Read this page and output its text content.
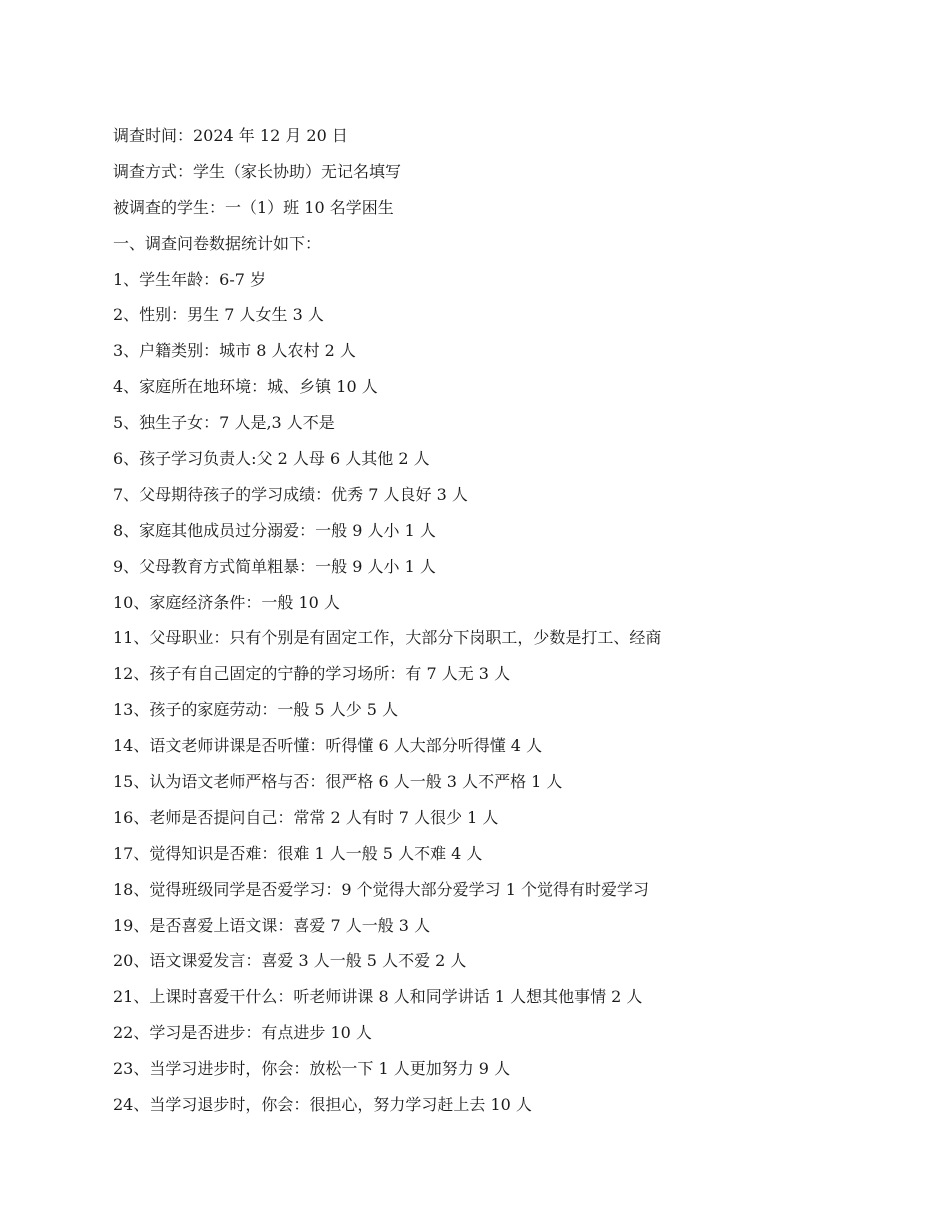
调查时间：2024 年 12 月 20 日
调查方式：学生（家长协助）无记名填写
被调查的学生：一（1）班 10 名学困生
一、调查问卷数据统计如下：
1、学生年龄：6-7 岁
2、性别：男生 7 人女生 3 人
3、户籍类别：城市 8 人农村 2 人
4、家庭所在地环境：城、乡镇 10 人
5、独生子女：7 人是,3 人不是
6、孩子学习负责人:父 2 人母 6 人其他 2 人
7、父母期待孩子的学习成绩：优秀 7 人良好 3 人
8、家庭其他成员过分溺爱：一般 9 人小 1 人
9、父母教育方式简单粗暴：一般 9 人小 1 人
10、家庭经济条件：一般 10 人
11、父母职业：只有个别是有固定工作，大部分下岗职工，少数是打工、经商
12、孩子有自己固定的宁静的学习场所：有 7 人无 3 人
13、孩子的家庭劳动：一般 5 人少 5 人
14、语文老师讲课是否听懂：听得懂 6 人大部分听得懂 4 人
15、认为语文老师严格与否：很严格 6 人一般 3 人不严格 1 人
16、老师是否提问自己：常常 2 人有时 7 人很少 1 人
17、觉得知识是否难：很难 1 人一般 5 人不难 4 人
18、觉得班级同学是否爱学习：9 个觉得大部分爱学习 1 个觉得有时爱学习
19、是否喜爱上语文课：喜爱 7 人一般 3 人
20、语文课爱发言：喜爱 3 人一般 5 人不爱 2 人
21、上课时喜爱干什么：听老师讲课 8 人和同学讲话 1 人想其他事情 2 人
22、学习是否进步：有点进步 10 人
23、当学习进步时，你会：放松一下 1 人更加努力 9 人
24、当学习退步时，你会：很担心，努力学习赶上去 10 人
